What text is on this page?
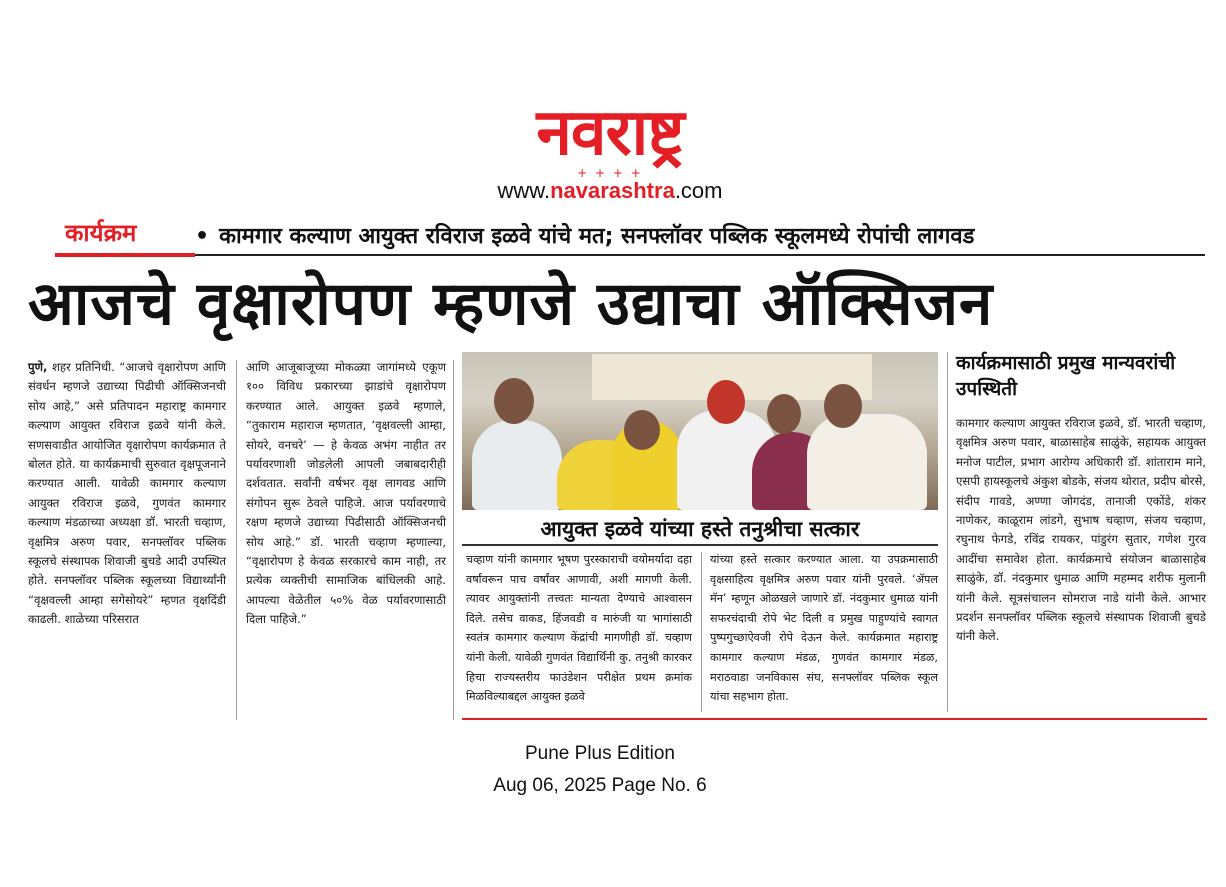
नवराष्ट्र
+ + + +
www.navarashtra.com
कार्यक्रम	• कामगार कल्याण आयुक्त रविराज इळवे यांचे मत; सनफ्लॉवर पब्लिक स्कूलमध्ये रोपांची लागवड
आजचे वृक्षारोपण म्हणजे उद्याचा ऑक्सिजन
पुणे, शहर प्रतिनिधी. “आजचे वृक्षारोपण आणि संवर्धन म्हणजे उद्याच्या पिढीची ऑक्सिजनची सोय आहे,” असे प्रतिपादन महाराष्ट्र कामगार कल्याण आयुक्त रविराज इळवे यांनी केले. सणसवाडीत आयोजित वृक्षारोपण कार्यक्रमात ते बोलत होते. या कार्यक्रमाची सुरुवात वृक्षपूजनाने करण्यात आली. यावेळी कामगार कल्याण आयुक्त रविराज इळवे, गुणवंत कामगार कल्याण मंडळाच्या अध्यक्षा डॉ. भारती चव्हाण, वृक्षमित्र अरुण पवार, सनफ्लॉवर पब्लिक स्कूलचे संस्थापक शिवाजी बुचडे आदी उपस्थित होते. सनफ्लॉवर पब्लिक स्कूलच्या विद्यार्थ्यांनी “वृक्षवल्ली आम्हा सगेसोयरे” म्हणत वृक्षदिंडी काढली. शाळेच्या परिसरात
आणि आजूबाजूच्या मोकळ्या जागांमध्ये एकूण १०० विविध प्रकारच्या झाडांचे वृक्षारोपण करण्यात आले. आयुक्त इळवे म्हणाले, “तुकाराम महाराज म्हणतात, ‘वृक्षवल्ली आम्हा, सोयरे, वनचरे’ — हे केवळ अभंग नाहीत तर पर्यावरणाशी जोडलेली आपली जबाबदारीही दर्शवतात. सर्वांनी वर्षभर वृक्ष लागवड आणि संगोपन सुरू ठेवले पाहिजे. आज पर्यावरणाचे रक्षण म्हणजे उद्याच्या पिढीसाठी ऑक्सिजनची सोय आहे.” डॉ. भारती चव्हाण म्हणाल्या, “वृक्षारोपण हे केवळ सरकारचे काम नाही, तर प्रत्येक व्यक्तीची सामाजिक बांधिलकी आहे. आपल्या वेळेतील ५०% वेळ पर्यावरणासाठी दिला पाहिजे.”
आयुक्त इळवे यांच्या हस्ते तनुश्रीचा सत्कार
चव्हाण यांनी कामगार भूषण पुरस्काराची वयोमर्यादा दहा वर्षांवरून पाच वर्षांवर आणावी, अशी मागणी केली. त्यावर आयुक्तांनी तत्त्वतः मान्यता देण्याचे आश्वासन दिले. तसेच वाकड, हिंजवडी व मारुंजी या भागांसाठी स्वतंत्र कामगार कल्याण केंद्रांची मागणीही डॉ. चव्हाण यांनी केली. यावेळी गुणवंत विद्यार्थिनी कु. तनुश्री कारकर हिचा राज्यस्तरीय फाउंडेशन परीक्षेत प्रथम क्रमांक मिळविल्याबद्दल आयुक्त इळवे
यांच्या हस्ते सत्कार करण्यात आला. या उपक्रमासाठी वृक्षसाहित्य वृक्षमित्र अरुण पवार यांनी पुरवले. ‘ॲपल मॅन’ म्हणून ओळखले जाणारे डॉ. नंदकुमार धुमाळ यांनी सफरचंदाची रोपे भेट दिली व प्रमुख पाहुण्यांचे स्वागत पुष्पगुच्छाऐवजी रोपे देऊन केले. कार्यक्रमात महाराष्ट्र कामगार कल्याण मंडळ, गुणवंत कामगार मंडळ, मराठवाडा जनविकास संघ, सनफ्लॉवर पब्लिक स्कूल यांचा सहभाग होता.
कार्यक्रमासाठी प्रमुख मान्यवरांची उपस्थिती
कामगार कल्याण आयुक्त रविराज इळवे, डॉ. भारती चव्हाण, वृक्षमित्र अरुण पवार, बाळासाहेब साळुंके, सहायक आयुक्त मनोज पाटील, प्रभाग आरोग्य अधिकारी डॉ. शांताराम माने, एसपी हायस्कूलचे अंकुश बोडके, संजय थोरात, प्रदीप बोरसे, संदीप गावडे, अण्णा जोगदंड, तानाजी एकोंडे, शंकर नाणेकर, काळूराम लांडगे, सुभाष चव्हाण, संजय चव्हाण, रघुनाथ फेगडे, रविंद्र रायकर, पांडुरंग सुतार, गणेश गुरव आदींचा समावेश होता. कार्यक्रमाचे संयोजन बाळासाहेब साळुंके, डॉ. नंदकुमार धुमाळ आणि महम्मद शरीफ मुलानी यांनी केले. सूत्रसंचालन सोमराज नाडे यांनी केले. आभार प्रदर्शन सनफ्लॉवर पब्लिक स्कूलचे संस्थापक शिवाजी बुचडे यांनी केले.
Pune Plus Edition
Aug 06, 2025 Page No. 6
